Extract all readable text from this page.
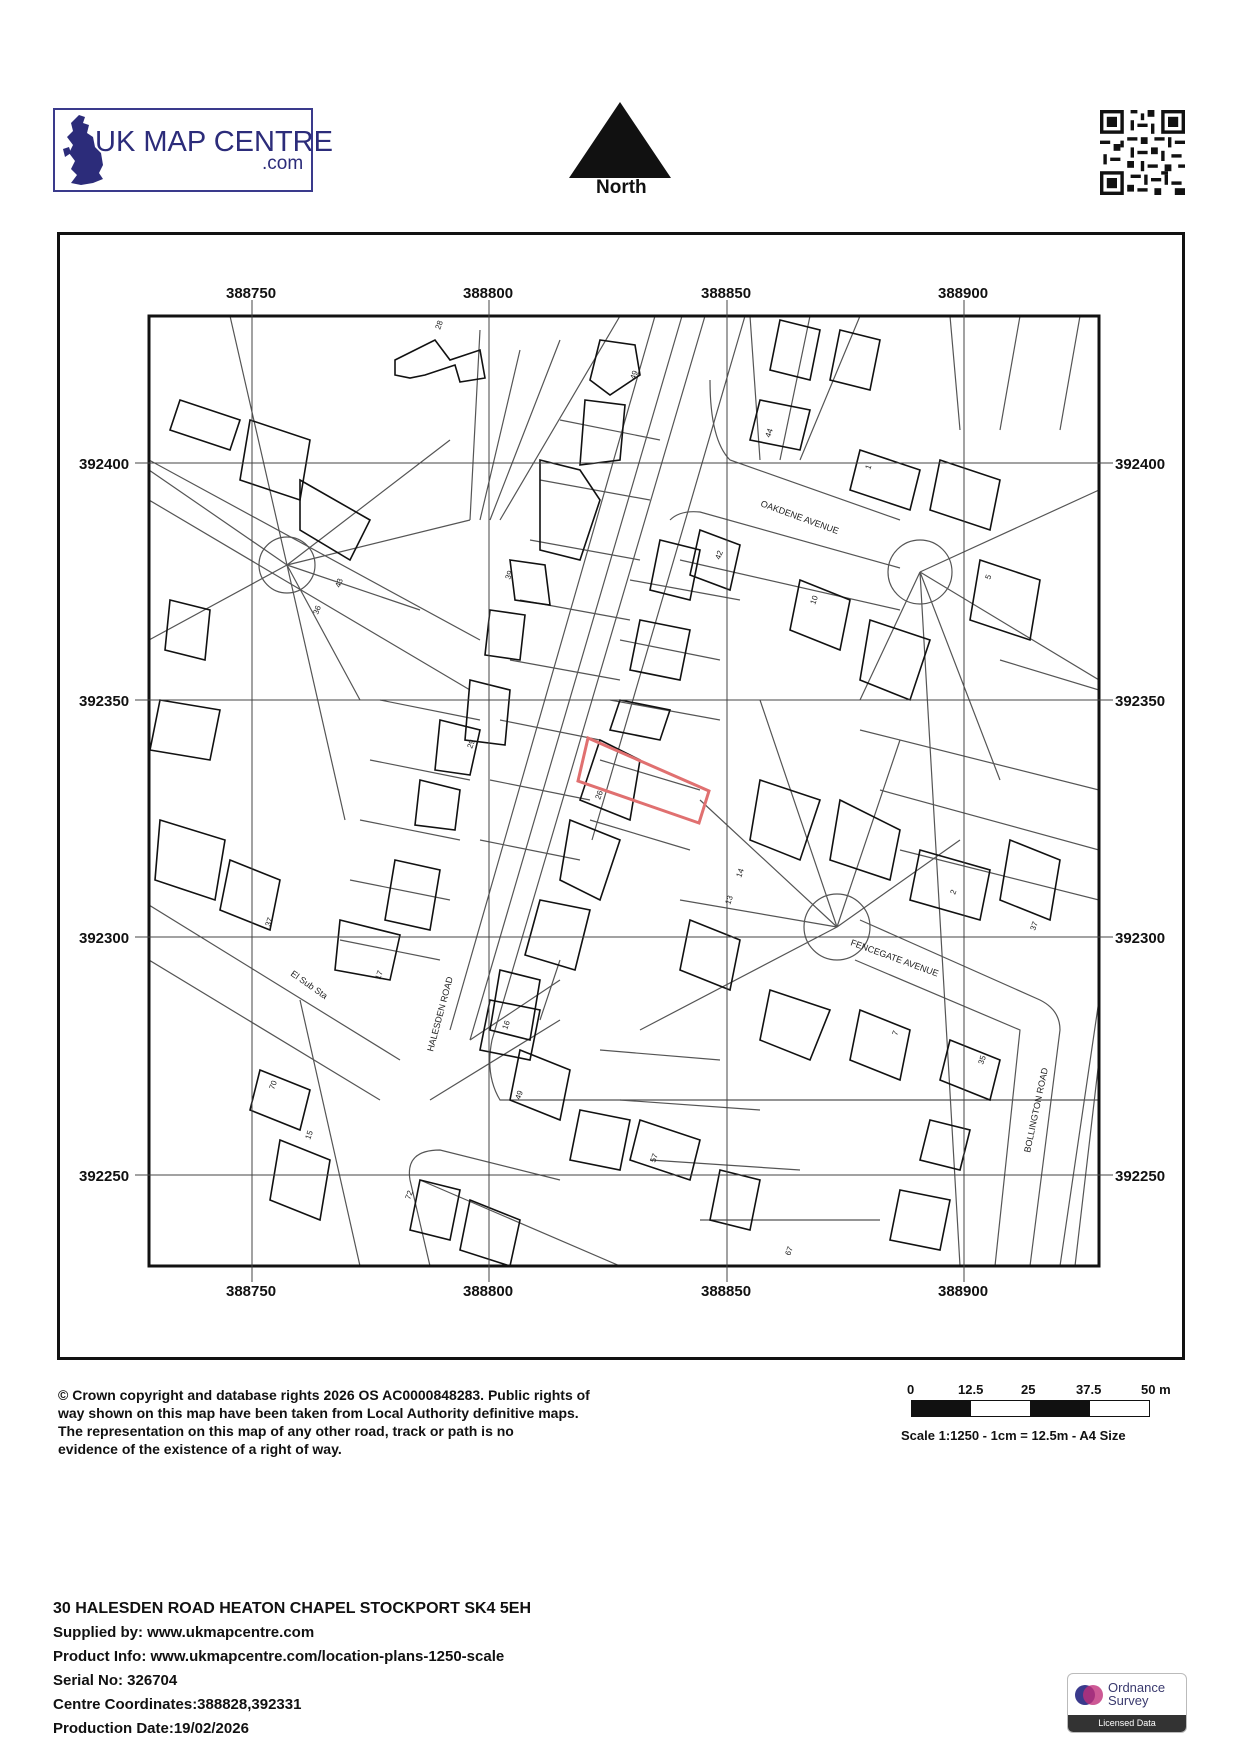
UK MAP CENTRE
.com
North
OAKDENE AVENUE
HALESDEN ROAD
FENCEGATE AVENUE
BOLLINGTON ROAD
El Sub Sta
28
49
44
1
42
10
5
43
36
39
29
26
14
13
2
37
37
17
16
49
7
35
70
15
57
72
67
388750	388800	388850	388900
388750	388800	388850	388900
392400
392350
392300
392250
392400
392350
392300
392250
© Crown copyright and database rights 2026 OS AC0000848283. Public rights of
way shown on this map have been taken from Local Authority definitive maps.
The representation on this map of any other road, track or path is no
evidence of the existence of a right of way.
0	12.5	25	37.5	50 m
Scale 1:1250 - 1cm = 12.5m - A4 Size
30 HALESDEN ROAD HEATON CHAPEL STOCKPORT SK4 5EH
Supplied by: www.ukmapcentre.com
Product Info: www.ukmapcentre.com/location-plans-1250-scale
Serial No: 326704
Centre Coordinates:388828,392331
Production Date:19/02/2026
Ordnance
Survey
Licensed Data
